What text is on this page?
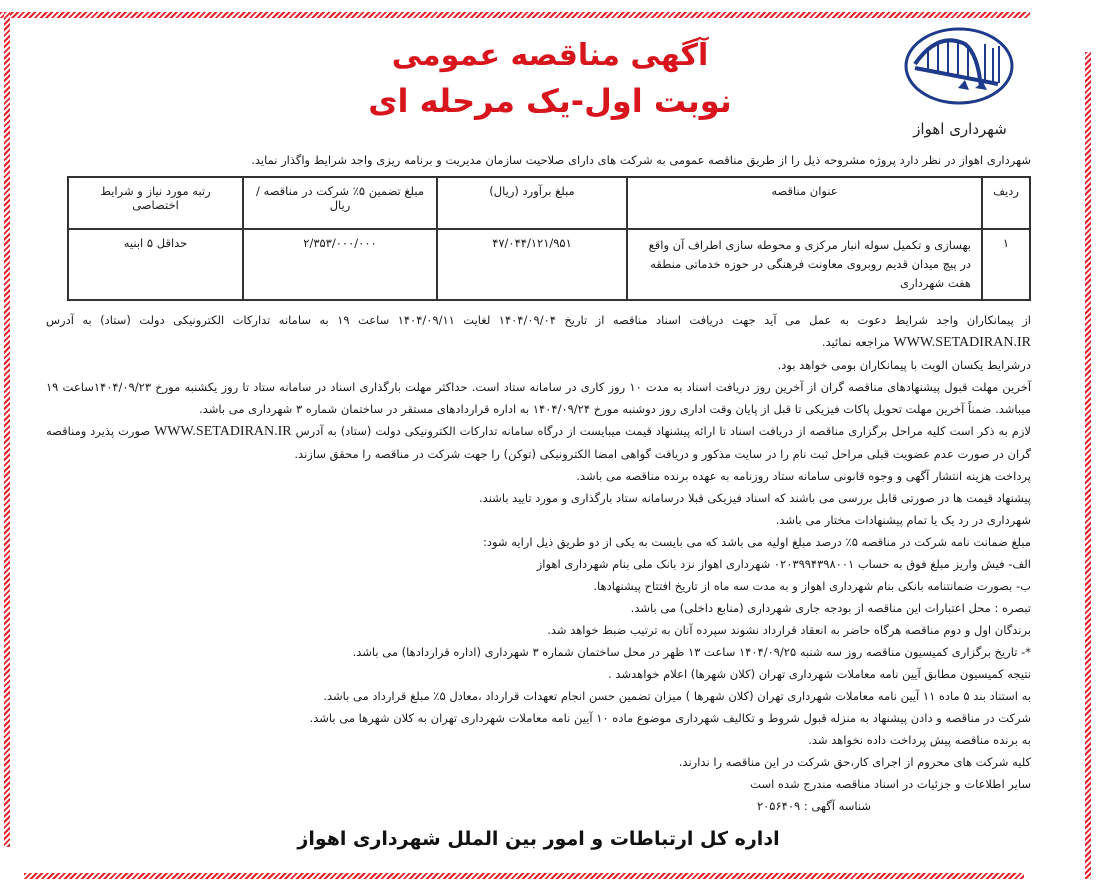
شهرداری اهواز
آگهی مناقصه عمومی
نوبت اول-یک مرحله ای
شهرداری اهواز در نظر دارد پروژه مشروحه ذیل را از طریق مناقصه عمومی به شرکت های دارای صلاحیت سازمان مدیریت و برنامه ریزی واجد شرایط واگذار نماید.
ردیف	عنوان مناقصه	مبلغ برآورد (ریال)	مبلغ تضمین ۵٪ شرکت در مناقصه /ریال	رتبه مورد نیاز و شرایط اختصاصی
۱	بهسازی و تکمیل سوله انبار مرکزی و محوطه سازی اطراف آن واقع در پیچ میدان قدیم روبروی معاونت فرهنگی در حوزه خدماتی منطقه هفت شهرداری	۴۷/۰۴۴/۱۲۱/۹۵۱	۲/۳۵۳/۰۰۰/۰۰۰	حداقل ۵ ابنیه

از پیمانکاران واجد شرایط دعوت به عمل می آید جهت دریافت اسناد مناقصه از تاریخ ۱۴۰۴/۰۹/۰۴ لغایت ۱۴۰۴/۰۹/۱۱ ساعت ۱۹ به سامانه تدارکات الکترونیکی دولت (ستاد) به آدرس WWW.SETADIRAN.IR مراجعه نمائید.

درشرایط یکسان الویت با پیمانکاران بومی خواهد بود.

آخرین مهلت قبول پیشنهادهای مناقصه گران از آخرین روز دریافت اسناد به مدت ۱۰ روز کاری در سامانه ستاد است. حداکثر مهلت بارگذاری اسناد در سامانه ستاد تا روز یکشنبه مورخ ۱۴۰۴/۰۹/۲۳ساعت ۱۹ میباشد. ضمناً آخرین مهلت تحویل پاکات فیزیکی تا قبل از پایان وقت اداری روز دوشنبه مورخ ۱۴۰۴/۰۹/۲۴ به اداره قراردادهای مستقر در ساختمان شماره ۳ شهرداری می باشد.

لازم به ذکر است کلیه مراحل برگزاری مناقصه از دریافت اسناد تا ارائه پیشنهاد قیمت میبایست از درگاه سامانه تدارکات الکترونیکی دولت (ستاد) به آدرس WWW.SETADIRAN.IR صورت پذیرد ومناقصه گران در صورت عدم عضویت قبلی مراحل ثبت نام را در سایت مذکور و دریافت گواهی امضا الکترونیکی (توکن) را جهت شرکت در مناقصه را محقق سازند.

پرداخت هزینه انتشار آگهی و وجوه قانونی سامانه ستاد روزنامه به عهده برنده مناقصه می باشد.

پیشنهاد قیمت ها در صورتی قابل بررسی می باشند که اسناد فیزیکی قبلا درسامانه ستاد بارگذاری و مورد تایید باشند.

شهرداری در رد یک یا تمام پیشنهادات مختار می باشد.

مبلغ ضمانت نامه شرکت در مناقصه ۵٪ درصد مبلغ اولیه می باشد که می بایست به یکی از دو طریق ذیل ارایه شود:

الف- فیش واریز مبلغ فوق به حساب ۰۲۰۳۹۹۴۳۹۸۰۰۱ شهرداری اهواز نزد بانک ملی بنام شهرداری اهواز

ب- بصورت ضمانتنامه بانکی بنام شهرداری اهواز و به مدت سه ماه از تاریخ افتتاح پیشنهادها.

تبصره : محل اعتبارات این مناقصه از بودجه جاری شهرداری (منابع داخلی) می باشد.

برندگان اول و دوم مناقصه هرگاه حاضر به انعقاد قرارداد نشوند سپرده آنان به ترتیب ضبط خواهد شد.

*- تاریخ برگزاری کمیسیون مناقصه روز سه شنبه ۱۴۰۴/۰۹/۲۵ ساعت ۱۳ ظهر در محل ساختمان شماره ۳ شهرداری (اداره قراردادها) می باشد.

نتیجه کمیسیون مطابق آیین نامه معاملات شهرداری تهران (کلان شهرها) اعلام خواهدشد .

به استناد بند ۵ ماده ۱۱ آیین نامه معاملات شهرداری تهران (کلان شهرها ) میزان تضمین حسن انجام تعهدات قرارداد ،معادل ۵٪ مبلغ قرارداد می باشد.

شرکت در مناقصه و دادن پیشنهاد به منزله قبول شروط و تکالیف شهرداری موضوع ماده ۱۰ آیین نامه معاملات شهرداری تهران به کلان شهرها می باشد.

به برنده مناقصه پیش پرداخت داده نخواهد شد.

کلیه شرکت های محروم از اجرای کار،حق شرکت در این مناقصه را ندارند.

سایر اطلاعات و جزئیات در اسناد مناقصه مندرج شده است

شناسه آگهی : ۲۰۵۶۴۰۹

اداره کل ارتباطات و امور بین الملل شهرداری اهواز
